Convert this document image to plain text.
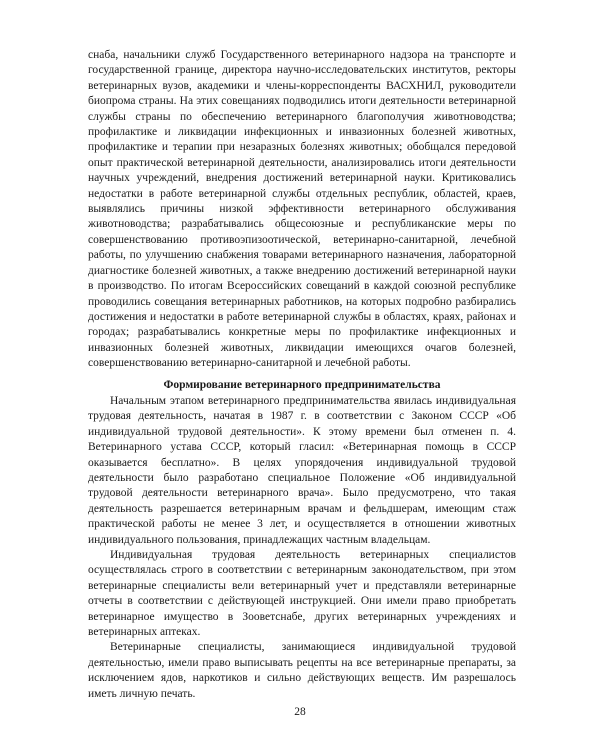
снаба, начальники служб Государственного ветеринарного надзора на транспорте и государственной границе, директора научно-исследовательских институтов, ректоры ветеринарных вузов, академики и члены-корреспонденты ВАСХНИЛ, руководители биопрома страны. На этих совещаниях подводились итоги деятельности ветеринарной службы страны по обеспечению ветеринарного благополучия животноводства; профилактике и ликвидации инфекционных и инвазионных болезней животных, профилактике и терапии при незаразных болезнях животных; обобщался передовой опыт практической ветеринарной деятельности, анализировались итоги деятельности научных учреждений, внедрения достижений ветеринарной науки. Критиковались недостатки в работе ветеринарной службы отдельных республик, областей, краев, выявлялись причины низкой эффективности ветеринарного обслуживания животноводства; разрабатывались общесоюзные и республиканские меры по совершенствованию противоэпизоотической, ветеринарно-санитарной, лечебной работы, по улучшению снабжения товарами ветеринарного назначения, лабораторной диагностике болезней животных, а также внедрению достижений ветеринарной науки в производство. По итогам Всероссийских совещаний в каждой союзной республике проводились совещания ветеринарных работников, на которых подробно разбирались достижения и недостатки в работе ветеринарной службы в областях, краях, районах и городах; разрабатывались конкретные меры по профилактике инфекционных и инвазионных болезней животных, ликвидации имеющихся очагов болезней, совершенствованию ветеринарно-санитарной и лечебной работы.

Формирование ветеринарного предпринимательства

Начальным этапом ветеринарного предпринимательства явилась индивидуальная трудовая деятельность, начатая в 1987 г. в соответствии с Законом СССР «Об индивидуальной трудовой деятельности». К этому времени был отменен п. 4. Ветеринарного устава СССР, который гласил: «Ветеринарная помощь в СССР оказывается бесплатно». В целях упорядочения индивидуальной трудовой деятельности было разработано специальное Положение «Об индивидуальной трудовой деятельности ветеринарного врача». Было предусмотрено, что такая деятельность разрешается ветеринарным врачам и фельдшерам, имеющим стаж практической работы не менее 3 лет, и осуществляется в отношении животных индивидуального пользования, принадлежащих частным владельцам.

Индивидуальная трудовая деятельность ветеринарных специалистов осуществлялась строго в соответствии с ветеринарным законодательством, при этом ветеринарные специалисты вели ветеринарный учет и представляли ветеринарные отчеты в соответствии с действующей инструкцией. Они имели право приобретать ветеринарное имущество в Зооветснабе, других ветеринарных учреждениях и ветеринарных аптеках.

Ветеринарные специалисты, занимающиеся индивидуальной трудовой деятельностью, имели право выписывать рецепты на все ветеринарные препараты, за исключением ядов, наркотиков и сильно действующих веществ. Им разрешалось иметь личную печать.

28
